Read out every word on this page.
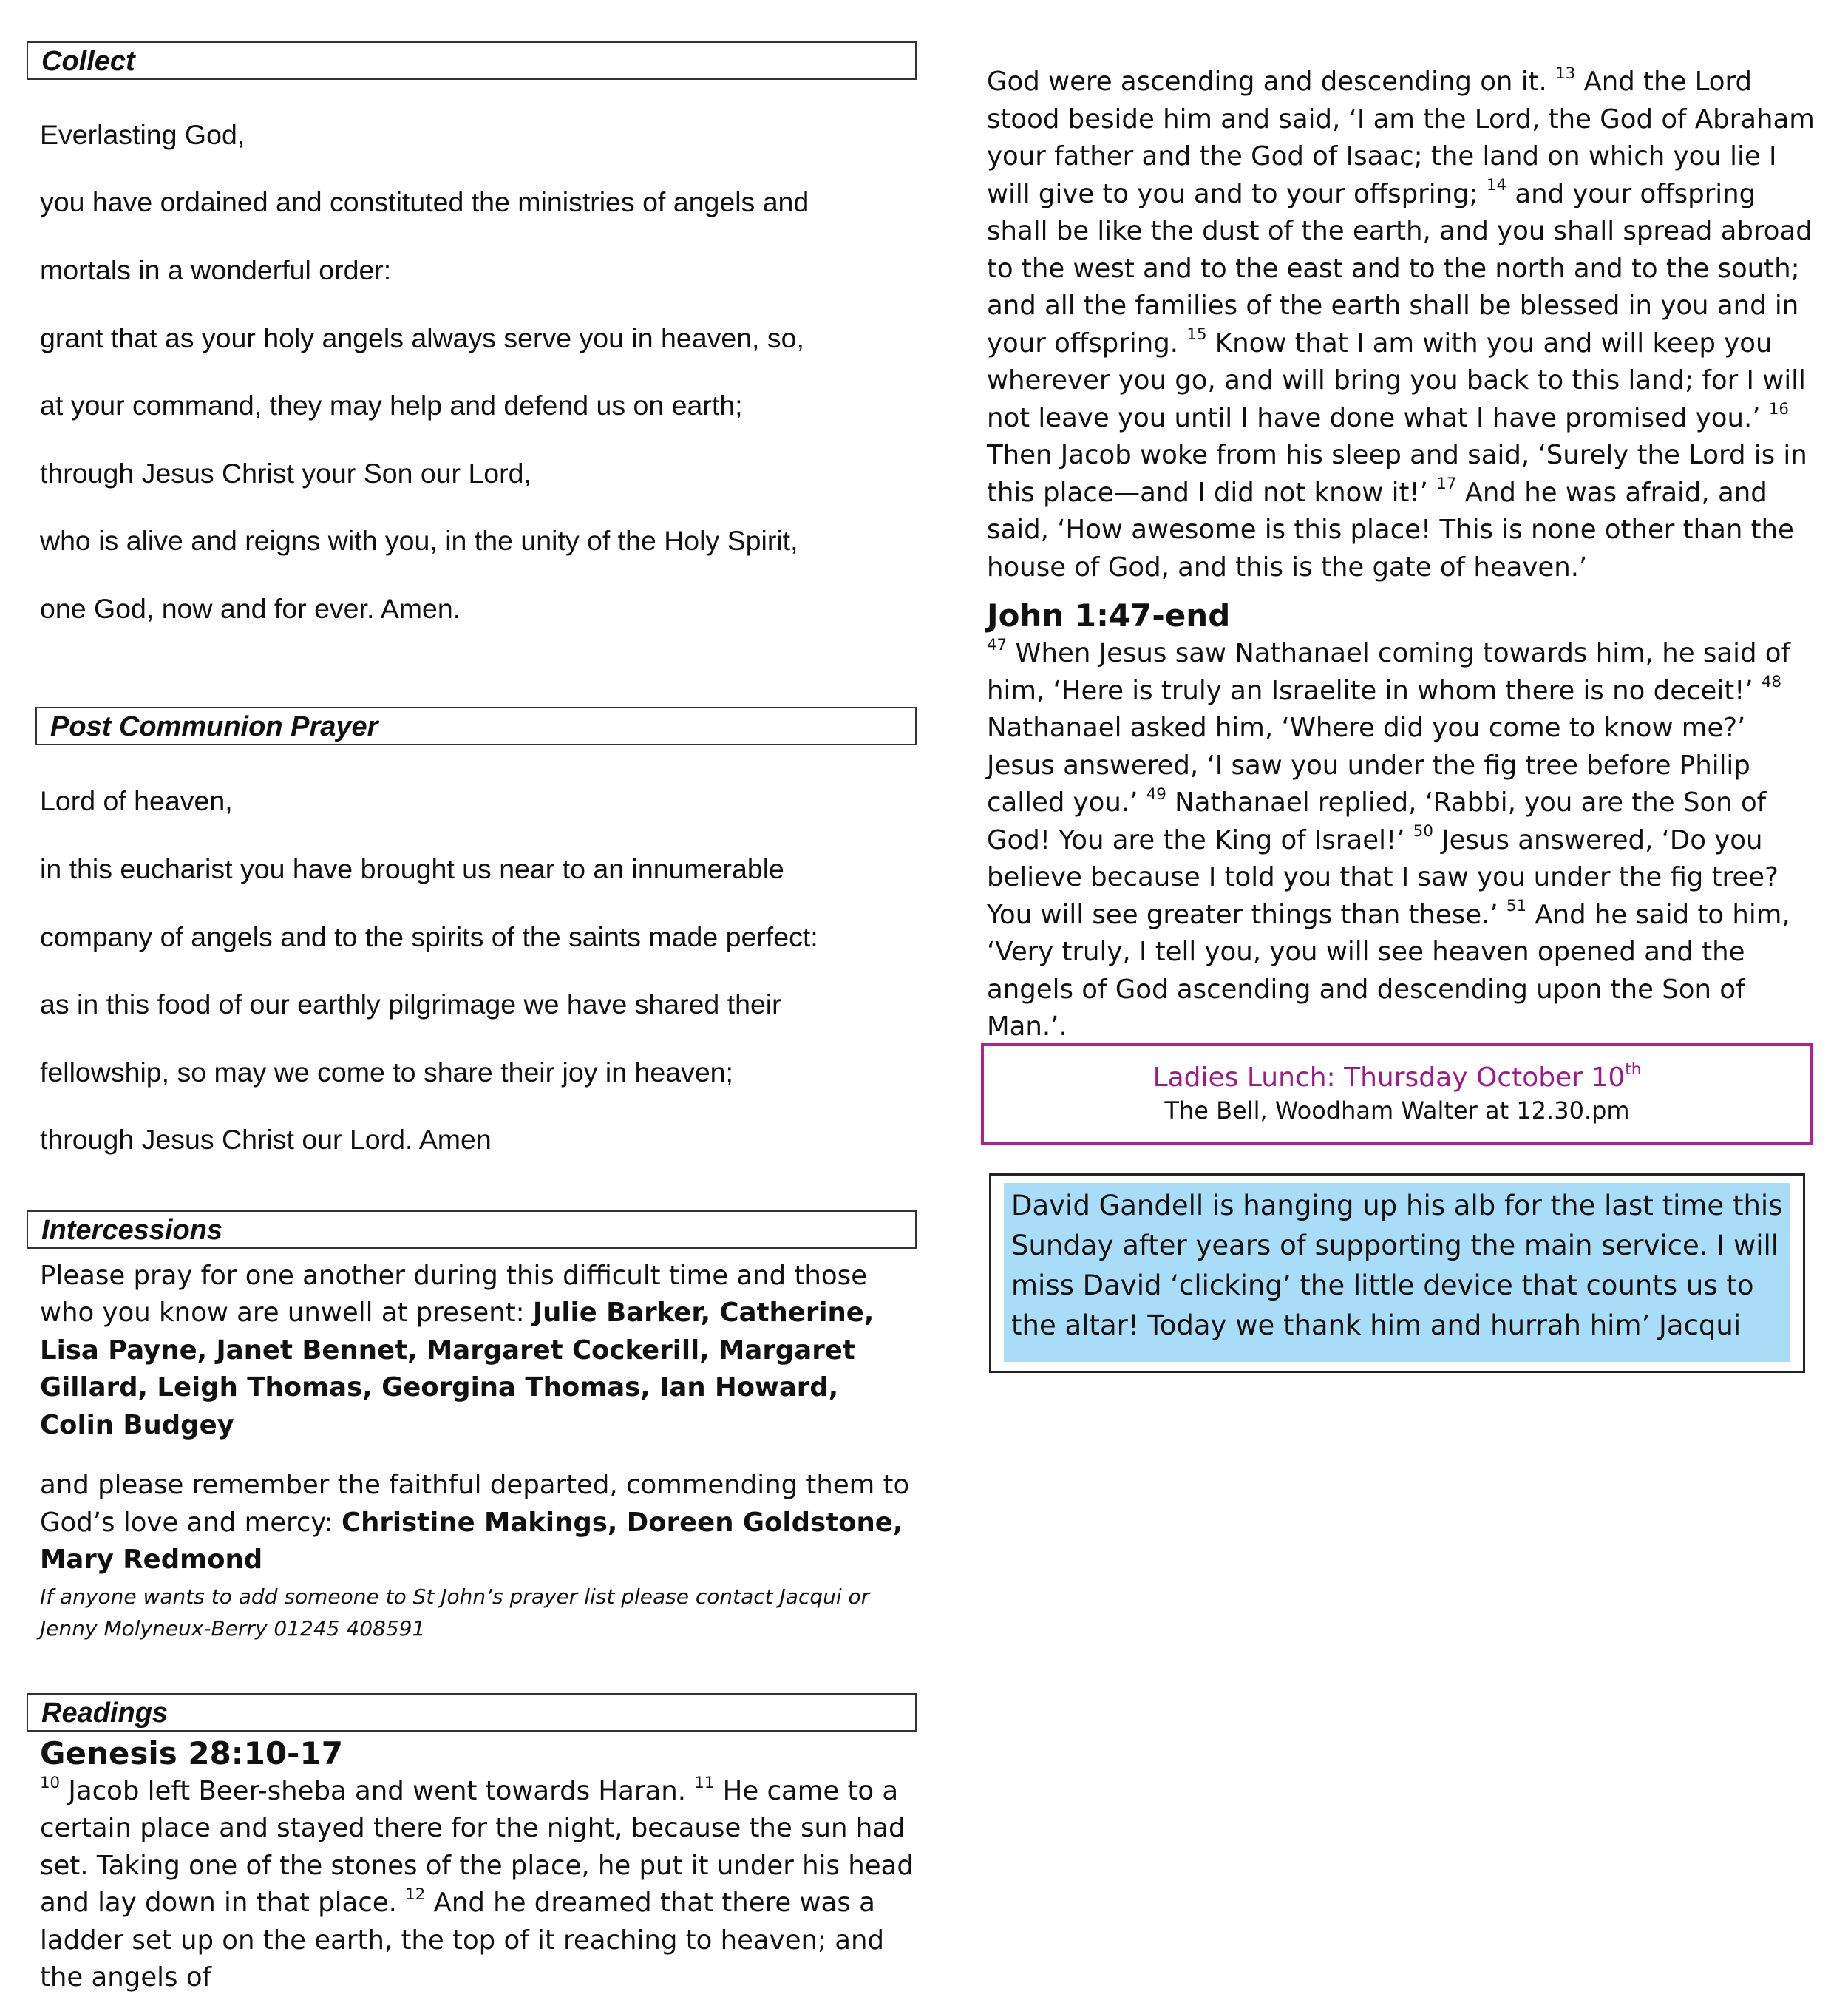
Collect

Everlasting God,

you have ordained and constituted the ministries of angels and

mortals in a wonderful order:

grant that as your holy angels always serve you in heaven, so,

at your command, they may help and defend us on earth;

through Jesus Christ your Son our Lord,

who is alive and reigns with you, in the unity of the Holy Spirit,

one God, now and for ever. Amen.

Post Communion Prayer

Lord of heaven,

in this eucharist you have brought us near to an innumerable

company of angels and to the spirits of the saints made perfect:

as in this food of our earthly pilgrimage we have shared their

fellowship, so may we come to share their joy in heaven;

through Jesus Christ our Lord. Amen

Intercessions
Please pray for one another during this difficult time and those who you know are unwell at present: Julie Barker, Catherine, Lisa Payne, Janet Bennet, Margaret Cockerill, Margaret Gillard, Leigh Thomas, Georgina Thomas, Ian Howard, Colin Budgey
and please remember the faithful departed, commending them to God’s love and mercy: Christine Makings, Doreen Goldstone, Mary Redmond
If anyone wants to add someone to St John’s prayer list please contact Jacqui or Jenny Molyneux-Berry 01245 408591
Readings
Genesis 28:10-17
$^{10}$ Jacob left Beer-sheba and went towards Haran. $^{11}$ He came to a certain place and stayed there for the night, because the sun had set. Taking one of the stones of the place, he put it under his head and lay down in that place. $^{12}$ And he dreamed that there was a ladder set up on the earth, the top of it reaching to heaven; and the angels of
God were ascending and descending on it. $^{13}$ And the Lord stood beside him and said, ‘I am the Lord, the God of Abraham your father and the God of Isaac; the land on which you lie I will give to you and to your offspring; $^{14}$ and your offspring shall be like the dust of the earth, and you shall spread abroad to the west and to the east and to the north and to the south; and all the families of the earth shall be blessed in you and in your offspring. $^{15}$ Know that I am with you and will keep you wherever you go, and will bring you back to this land; for I will not leave you until I have done what I have promised you.’ $^{16}$ Then Jacob woke from his sleep and said, ‘Surely the Lord is in this place—and I did not know it!’ $^{17}$ And he was afraid, and said, ‘How awesome is this place! This is none other than the house of God, and this is the gate of heaven.’
John 1:47-end
$^{47}$ When Jesus saw Nathanael coming towards him, he said of him, ‘Here is truly an Israelite in whom there is no deceit!’ $^{48}$ Nathanael asked him, ‘Where did you come to know me?’ Jesus answered, ‘I saw you under the fig tree before Philip called you.’ $^{49}$ Nathanael replied, ‘Rabbi, you are the Son of God! You are the King of Israel!’ $^{50}$ Jesus answered, ‘Do you believe because I told you that I saw you under the fig tree? You will see greater things than these.’ $^{51}$ And he said to him, ‘Very truly, I tell you, you will see heaven opened and the angels of God ascending and descending upon the Son of Man.’.
Ladies Lunch: Thursday October 10th
The Bell, Woodham Walter at 12.30.pm
David Gandell is hanging up his alb for the last time this Sunday after years of supporting the main service. I will miss David ‘clicking’ the little device that counts us to the altar! Today we thank him and hurrah him’ Jacqui
